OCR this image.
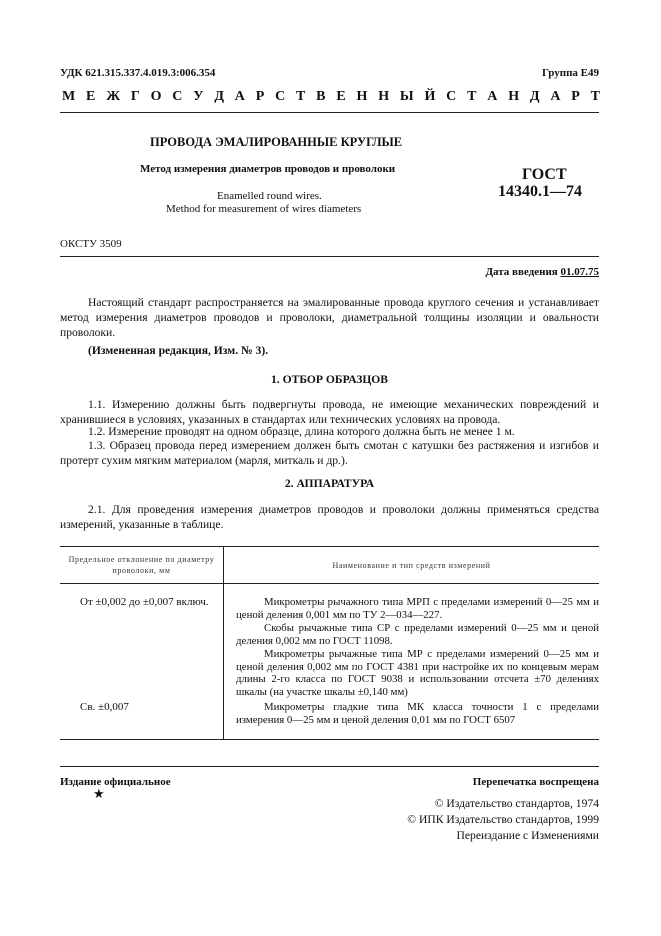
УДК 621.315.337.4.019.3:006.354	Группа Е49
М Е Ж Г О С У Д А Р С Т В Е Н Н Ы Й С Т А Н Д А Р Т
ПРОВОДА ЭМАЛИРОВАННЫЕ КРУГЛЫЕ
Метод измерения диаметров проводов и проволоки
Enamelled round wires.
Method for measurement of wires diameters
ГОСТ
14340.1—74
ОКСТУ 3509
Дата введения 01.07.75
Настоящий стандарт распространяется на эмалированные провода круглого сечения и устанавливает метод измерения диаметров проводов и проволоки, диаметральной толщины изоляции и овальности проволоки.
(Измененная редакция, Изм. № 3).
1. ОТБОР ОБРАЗЦОВ
1.1. Измерению должны быть подвергнуты провода, не имеющие механических повреждений и хранившиеся в условиях, указанных в стандартах или технических условиях на провода.
1.2. Измерение проводят на одном образце, длина которого должна быть не менее 1 м.
1.3. Образец провода перед измерением должен быть смотан с катушки без растяжения и изгибов и протерт сухим мягким материалом (марля, миткаль и др.).
2. АППАРАТУРА
2.1. Для проведения измерения диаметров проводов и проволоки должны применяться средства измерений, указанные в таблице.
Предельное отклонение по диаметру
проволоки, мм	Наименование и тип средств измерений

От ±0,002 до ±0,007 включ.	Микрометры рычажного типа МРП с пределами измерений 0—25 мм и ценой деления 0,001 мм по ТУ 2—034—227.

Скобы рычажные типа СР с пределами измерений 0—25 мм и ценой деления 0,002 мм по ГОСТ 11098.

Микрометры рычажные типа МР с пределами измерений 0—25 мм и ценой деления 0,002 мм по ГОСТ 4381 при настройке их по концевым мерам длины 2-го класса по ГОСТ 9038 и использовании отсчета ±70 делениях шкалы (на участке шкалы ±0,140 мм)

Св. ±0,007	Микрометры гладкие типа МК класса точности 1 с пределами измерения 0—25 мм и ценой деления 0,01 мм по ГОСТ 6507

Издание официальное
★
Перепечатка воспрещена
© Издательство стандартов, 1974
© ИПК Издательство стандартов, 1999
Переиздание с Изменениями
